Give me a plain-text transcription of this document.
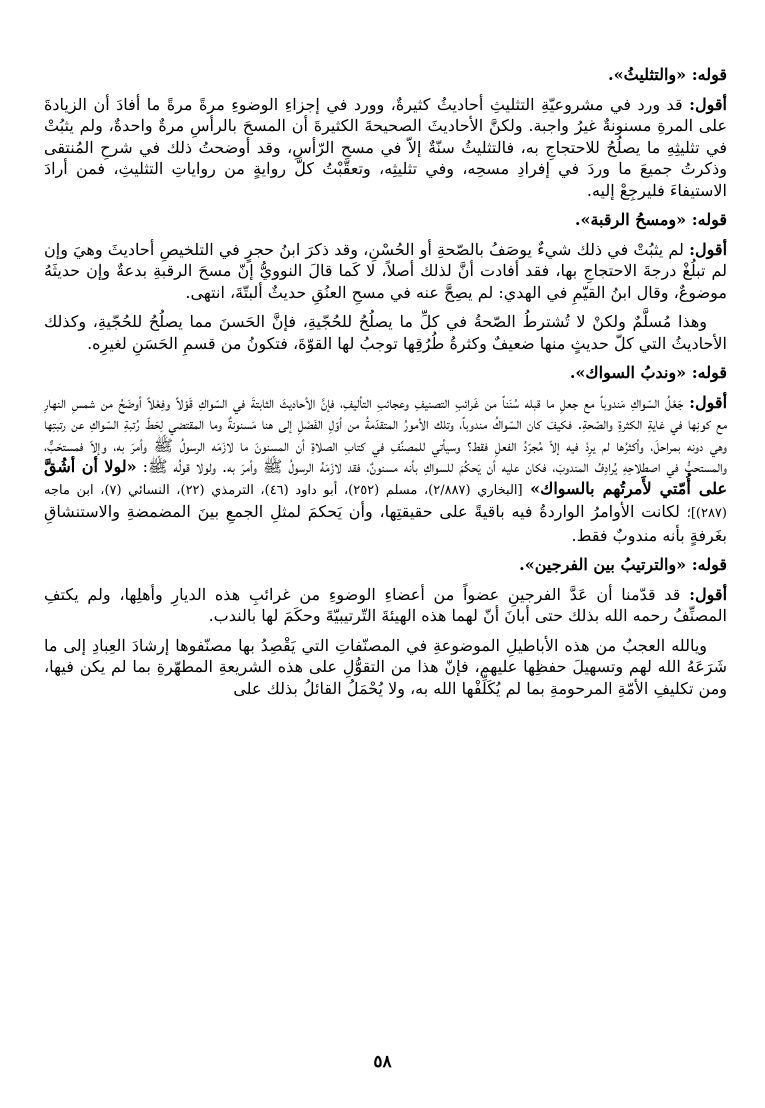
قوله: «والتثليثُ».

أقول: قد ورد في مشروعيّةِ التثليثِ أحاديثُ كثيرةٌ، وورد في إجزاءِ الوضوءِ مرةً مرةً ما أفادَ أن الزيادةَ على المرةِ مسنونةٌ غيرُ واجبة. ولكنَّ الأحاديثَ الصحيحةَ الكثيرةَ أن المسحَ بالرأسِ مرةٌ واحدةٌ، ولم يثبُتْ في تثليثِهِ ما يصلُحُ للاحتجاجِ به، فالتثليثُ سنّةٌ إلاّ في مسحِ الرّأسِ، وقد أوضحتُ ذلك في شرحِ المُنتقى وذكرتُ جميعَ ما وردَ في إفرادِ مسحِه، وفي تثليثِه، وتعقّبْتُ كلَّ روايةٍ من رواياتِ التثليثِ، فمن أرادَ الاستيفاءَ فليرجِعْ إليه.

قوله: «ومسحُ الرقبة».

أقول: لم يثبُتْ في ذلك شيءٌ يوصَفُ بالصّحةِ أو الحُسْنِ، وقد ذكرَ ابنُ حجرٍ في التلخيصِ أحاديثَ وهيَ وإن لم تبلُغْ درجةَ الاحتجاجِ بها، فقد أفادت أنَّ لذلك أصلاً، لا كَما قالَ النوويُّ إنّ مسحَ الرقبةِ بدعةٌ وإن حديثَهُ موضوعٌ، وقال ابنُ القيّمِ في الهدي: لم يصِحَّ عنه في مسحِ العنُقِ حديثٌ ألبتّةَ، انتهى.

وهذا مُسلَّمٌ ولكنْ لا تُشترطُ الصّحةُ في كلِّ ما يصلُحُ للحُجّيةِ، فإنَّ الحَسنَ مما يصلُحُ للحُجّيةِ، وكذلك الأحاديثُ التي كلّ حديثٍ منها ضعيفٌ وكثرةُ طُرُقِها توجبُ لها القوّةَ، فتكونُ من قسمِ الحَسَنِ لغيرِه.

قوله: «وندبُ السواك».

أقول: جَعْلُ السّواكِ مَندوباً مع جعلِ ما قبله سُنَناً من غَرائبِ التصنيفِ وعجائبِ التأليفِ، فإنَّ الأحاديثَ الثابتةَ في السّواكِ قَوْلاً وفِعْلاً أوضَحُ من شمسِ النهارِ مع كونِها في غايةِ الكثرةِ والصّحةِ. فكيفَ كان السّواكُ مندوباً، وتلك الأمورُ المتقدّمةُ من أوّلِ الفَصْلِ إلى هنا مَسنونةٌ وما المقتضي لِحَطّ رُتبةِ السّواكِ عن رتبتِها وهي دونه بمراحلَ، وأكثرُها لم يرِدْ فيه إلاّ مُجرّدُ الفعلِ فقط؟ وسيأتي للمصنِّفِ في كتابِ الصلاةِ أن المسنونَ ما لازَمَه الرسولُ ﷺ وأمرَ به، وإلاّ فمستحَبٌّ، والمستحبُّ في اصطلاحِهِ يُرادِفُ المندوبَ، فكان عليه أن يَحكُمَ للسواكِ بأنه مسنونٌ، فقد لازَمَهُ الرسولُ ﷺ وأمرَ به. ولولا قولُه ﷺ: «لولا أن أشُقَّ على أُمّتي لأَمرتُهم بالسواك» [البخاري (٢/٨٨٧)، مسلم (٢٥٢)، أبو داود (٤٦)، الترمذي (٢٢)، النسائي (٧)، ابن ماجه (٢٨٧)]؛ لكانت الأوامرُ الواردةُ فيه باقيةً على حقيقتِها، وأن يَحكمَ لمثلِ الجمعِ بينَ المضمضةِ والاستنشاقِ بغَرفةٍ بأنه مندوبٌ فقط.

قوله: «والترتيبُ بين الفرجين».

أقول: قد قدّمنا أن عَدَّ الفرجينِ عضواً من أعضاءِ الوضوءِ من غرائبِ هذه الديارِ وأهلِها، ولم يكتفِ المصنِّفُ رحمه الله بذلك حتى أبانَ أنّ لهما هذه الهيئةَ التّرتيبيّةَ وحكَمَ لها بالندب.

ويالله العجبُ من هذه الأباطيلِ الموضوعةِ في المصنّفاتِ التي يَقْصِدُ بها مصنّفوها إرشادَ العِبادِ إلى ما شَرَعَهُ الله لهم وتسهيلَ حفظِها عليهم، فإنّ هذا من التقوُّلِ على هذه الشريعةِ المطهّرةِ بما لم يكن فيها، ومن تكليفِ الأمّةِ المرحومةِ بما لم يُكَلِّفْها الله به، ولا يُحْمَلُ القائلُ بذلك على

٥٨
